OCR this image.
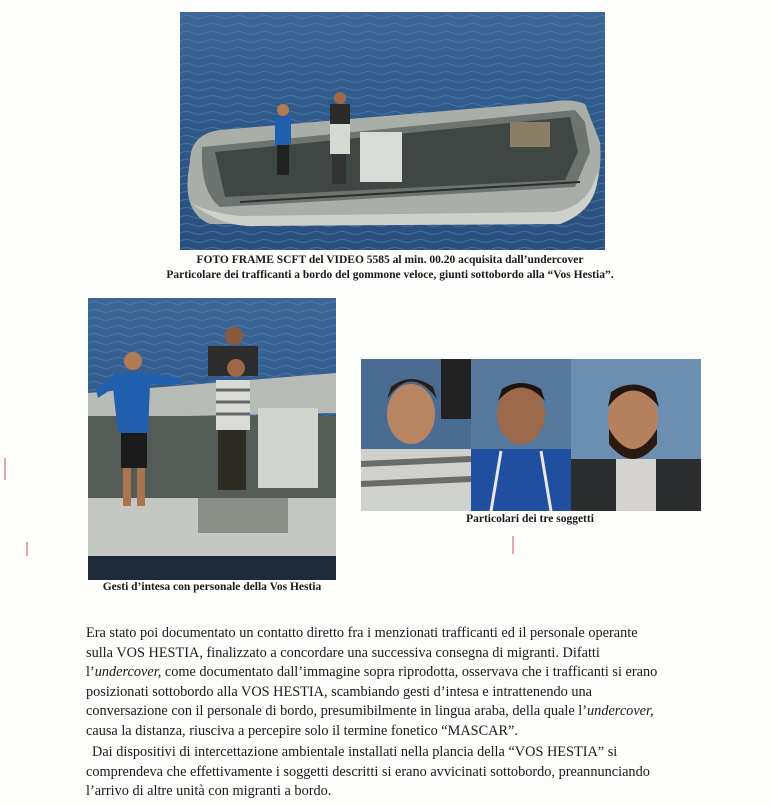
FOTO FRAME SCFT del VIDEO 5585 al min. 00.20 acquisita dall’undercover
Particolare dei trafficanti a bordo del gommone veloce, giunti sottobordo alla “Vos Hestia”.
Gesti d’intesa con personale della Vos Hestia
Particolari dei tre soggetti
Era stato poi documentato un contatto diretto fra i menzionati trafficanti ed il personale operante
sulla VOS HESTIA, finalizzato a concordare una successiva consegna di migranti. Difatti
l’undercover, come documentato dall’immagine sopra riprodotta, osservava che i trafficanti si erano
posizionati sottobordo alla VOS HESTIA, scambiando gesti d’intesa e intrattenendo una
conversazione con il personale di bordo, presumibilmente in lingua araba, della quale l’undercover,
causa la distanza, riusciva a percepire solo il termine fonetico “MASCAR”.
Dai dispositivi di intercettazione ambientale installati nella plancia della “VOS HESTIA” si
comprendeva che effettivamente i soggetti descritti si erano avvicinati sottobordo, preannunciando
l’arrivo di altre unità con migranti a bordo.
